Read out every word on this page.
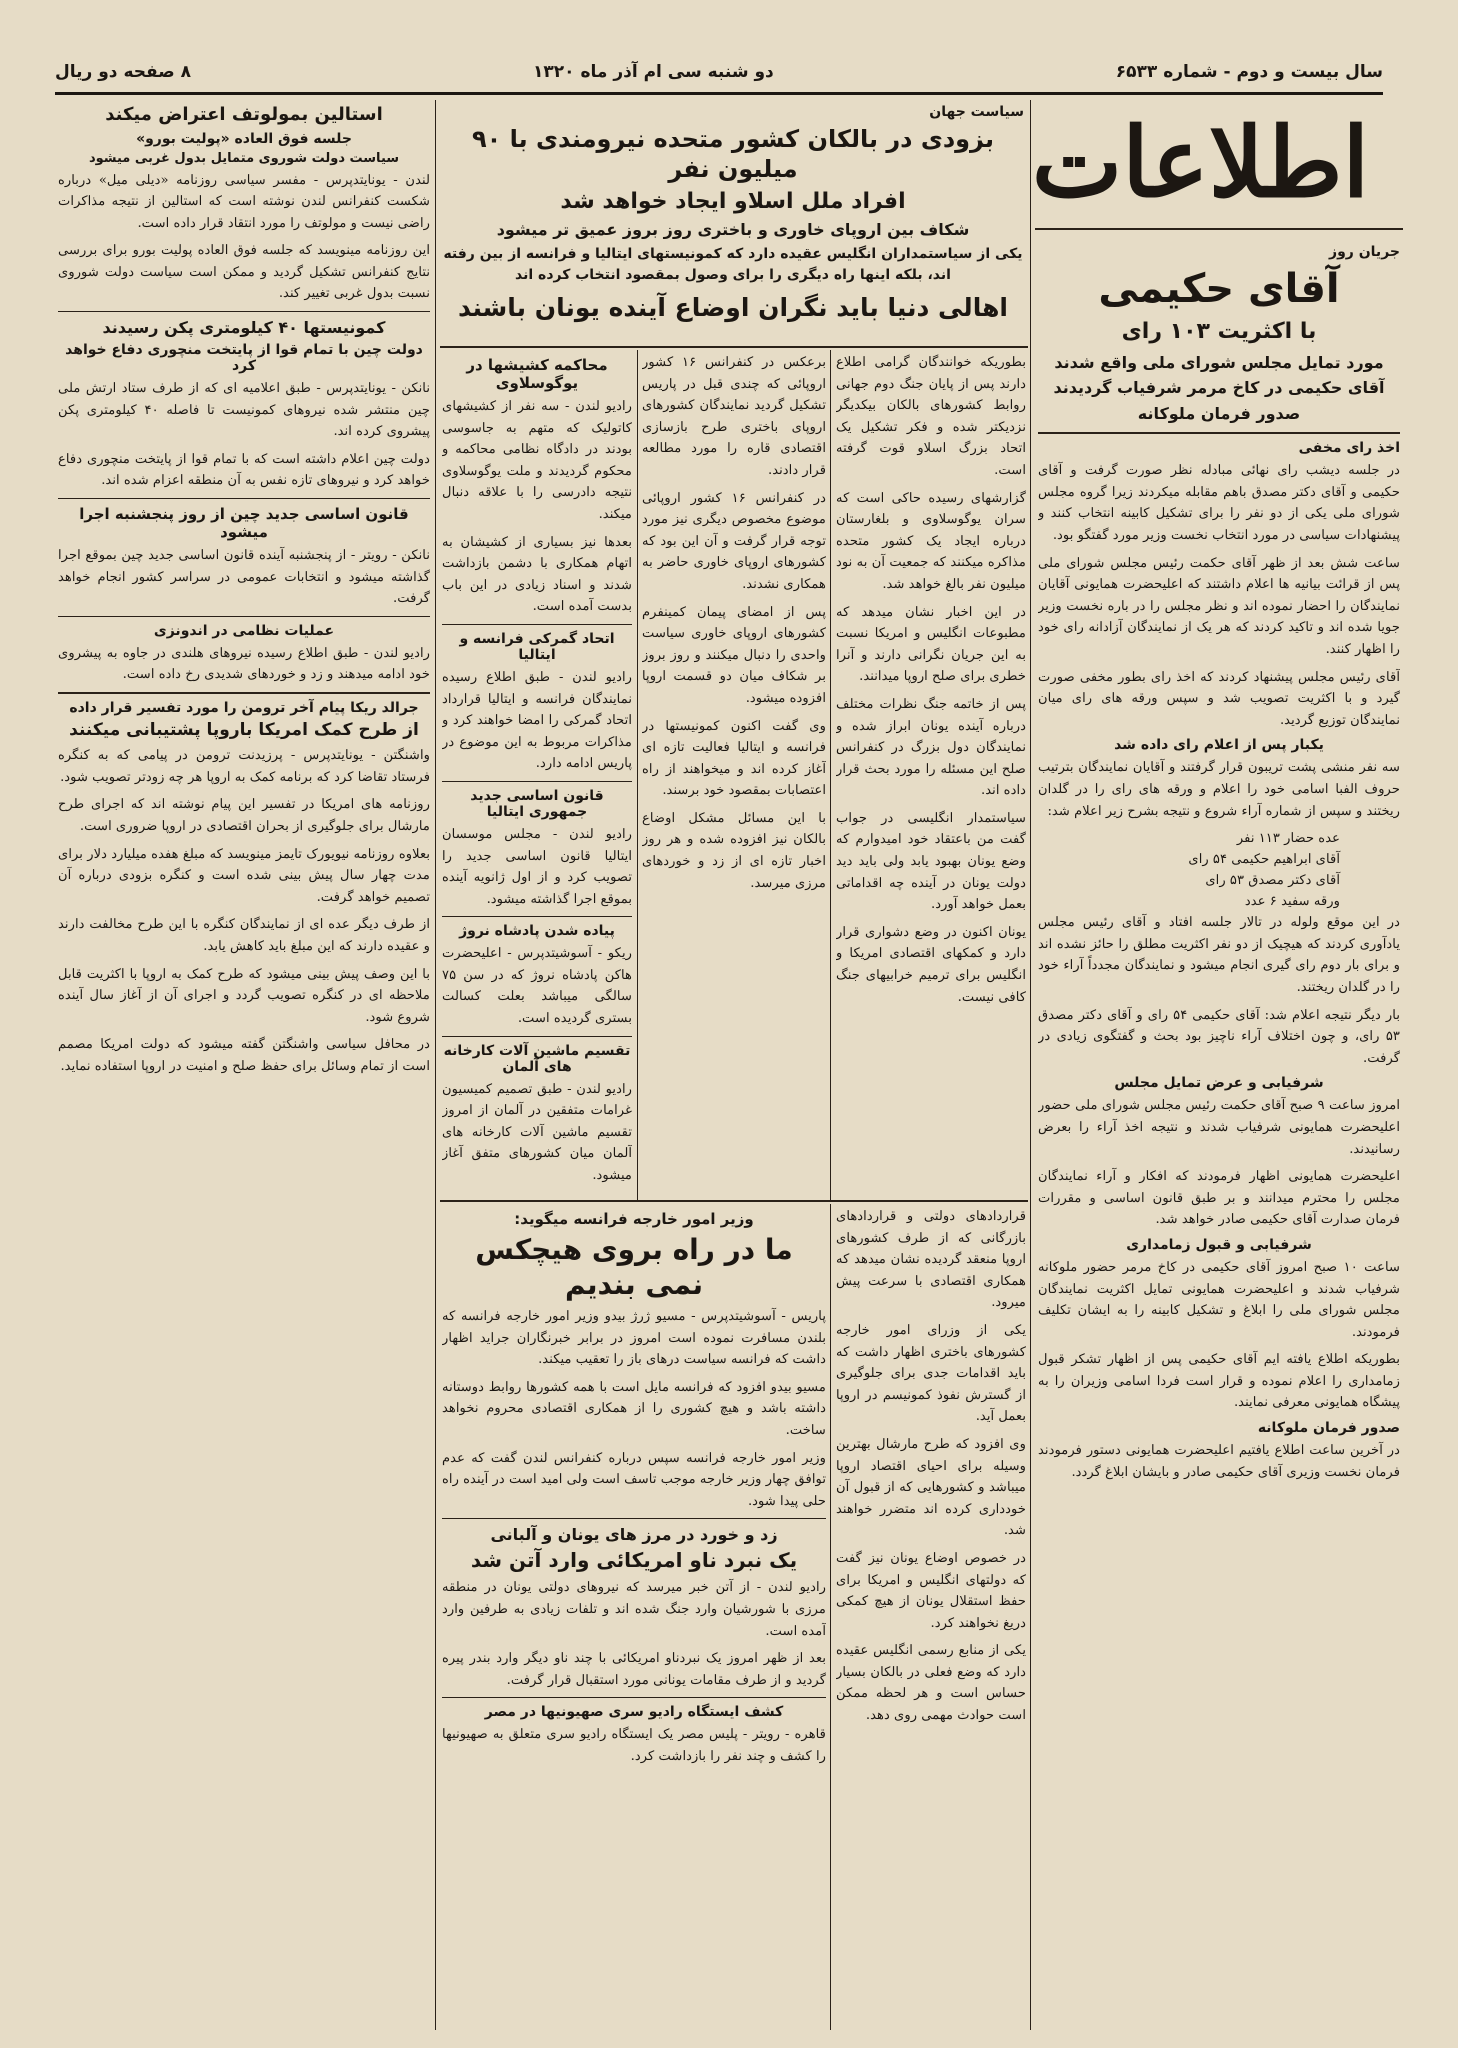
سال بیست و دوم - شماره ۶۵۳۳
دو شنبه سی ام آذر ماه ۱۳۲۰
۸ صفحه دو ریال
اطلاعات
جریان روز
آقای حکیمی
با اکثریت ۱۰۳ رای
مورد تمایل مجلس شورای ملی واقع شدند آقای حکیمی در کاخ مرمر شرفیاب گردیدند صدور فرمان ملوکانه
اخذ رای مخفی

در جلسه دیشب رای نهائی مبادله نظر صورت گرفت و آقای حکیمی و آقای دکتر مصدق باهم مقابله میکردند زیرا گروه مجلس شورای ملی یکی از دو نفر را برای تشکیل کابینه انتخاب کنند و پیشنهادات سیاسی در مورد انتخاب نخست وزیر مورد گفتگو بود.

ساعت شش بعد از ظهر آقای حکمت رئیس مجلس شورای ملی پس از قرائت بیانیه ها اعلام داشتند که اعلیحضرت همایونی آقایان نمایندگان را احضار نموده اند و نظر مجلس را در باره نخست وزیر جویا شده اند و تاکید کردند که هر یک از نمایندگان آزادانه رای خود را اظهار کنند.

آقای رئیس مجلس پیشنهاد کردند که اخذ رای بطور مخفی صورت گیرد و با اکثریت تصویب شد و سپس ورقه های رای میان نمایندگان توزیع گردید.

یکبار پس از اعلام رای داده شد

سه نفر منشی پشت تریبون قرار گرفتند و آقایان نمایندگان بترتیب حروف الفبا اسامی خود را اعلام و ورقه های رای را در گلدان ریختند و سپس از شماره آراء شروع و نتیجه بشرح زیر اعلام شد:

عده حضار ۱۱۳ نفر
آقای ابراهیم حکیمی ۵۴ رای
آقای دکتر مصدق ۵۳ رای
ورقه سفید ۶ عدد

در این موقع ولوله در تالار جلسه افتاد و آقای رئیس مجلس یادآوری کردند که هیچیک از دو نفر اکثریت مطلق را حائز نشده اند و برای بار دوم رای گیری انجام میشود و نمایندگان مجدداً آراء خود را در گلدان ریختند.

بار دیگر نتیجه اعلام شد: آقای حکیمی ۵۴ رای و آقای دکتر مصدق ۵۳ رای، و چون اختلاف آراء ناچیز بود بحث و گفتگوی زیادی در گرفت.

شرفیابی و عرض تمایل مجلس

امروز ساعت ۹ صبح آقای حکمت رئیس مجلس شورای ملی حضور اعلیحضرت همایونی شرفیاب شدند و نتیجه اخذ آراء را بعرض رسانیدند.

اعلیحضرت همایونی اظهار فرمودند که افکار و آراء نمایندگان مجلس را محترم میدانند و بر طبق قانون اساسی و مقررات فرمان صدارت آقای حکیمی صادر خواهد شد.

شرفیابی و قبول زمامداری

ساعت ۱۰ صبح امروز آقای حکیمی در کاخ مرمر حضور ملوکانه شرفیاب شدند و اعلیحضرت همایونی تمایل اکثریت نمایندگان مجلس شورای ملی را ابلاغ و تشکیل کابینه را به ایشان تکلیف فرمودند.

بطوریکه اطلاع یافته ایم آقای حکیمی پس از اظهار تشکر قبول زمامداری را اعلام نموده و قرار است فردا اسامی وزیران را به پیشگاه همایونی معرفی نمایند.

صدور فرمان ملوکانه

در آخرین ساعت اطلاع یافتیم اعلیحضرت همایونی دستور فرمودند فرمان نخست وزیری آقای حکیمی صادر و بایشان ابلاغ گردد.

سیاست جهان
بزودی در بالکان کشور متحده نیرومندی با ۹۰ میلیون نفر
افراد ملل اسلاو ایجاد خواهد شد
شکاف بین اروپای خاوری و باختری روز بروز عمیق تر میشود
یکی از سیاستمداران انگلیس عقیده دارد که کمونیستهای ایتالیا و فرانسه از بین رفته اند، بلکه اینها راه دیگری را برای وصول بمقصود انتخاب کرده اند
اهالی دنیا باید نگران اوضاع آینده یونان باشند

بطوریکه خوانندگان گرامی اطلاع دارند پس از پایان جنگ دوم جهانی روابط کشورهای بالکان بیکدیگر نزدیکتر شده و فکر تشکیل یک اتحاد بزرگ اسلاو قوت گرفته است.

گزارشهای رسیده حاکی است که سران یوگوسلاوی و بلغارستان درباره ایجاد یک کشور متحده مذاکره میکنند که جمعیت آن به نود میلیون نفر بالغ خواهد شد.

در این اخبار نشان میدهد که مطبوعات انگلیس و امریکا نسبت به این جریان نگرانی دارند و آنرا خطری برای صلح اروپا میدانند.

پس از خاتمه جنگ نظرات مختلف درباره آینده یونان ابراز شده و نمایندگان دول بزرگ در کنفرانس صلح این مسئله را مورد بحث قرار داده اند.

سیاستمدار انگلیسی در جواب گفت من باعتقاد خود امیدوارم که وضع یونان بهبود یابد ولی باید دید دولت یونان در آینده چه اقداماتی بعمل خواهد آورد.

یونان اکنون در وضع دشواری قرار دارد و کمکهای اقتصادی امریکا و انگلیس برای ترمیم خرابیهای جنگ کافی نیست.

برعکس در کنفرانس ۱۶ کشور اروپائی که چندی قبل در پاریس تشکیل گردید نمایندگان کشورهای اروپای باختری طرح بازسازی اقتصادی قاره را مورد مطالعه قرار دادند.

در کنفرانس ۱۶ کشور اروپائی موضوع مخصوص دیگری نیز مورد توجه قرار گرفت و آن این بود که کشورهای اروپای خاوری حاضر به همکاری نشدند.

پس از امضای پیمان کمینفرم کشورهای اروپای خاوری سیاست واحدی را دنبال میکنند و روز بروز بر شکاف میان دو قسمت اروپا افزوده میشود.

وی گفت اکنون کمونیستها در فرانسه و ایتالیا فعالیت تازه ای آغاز کرده اند و میخواهند از راه اعتصابات بمقصود خود برسند.

با این مسائل مشکل اوضاع بالکان نیز افزوده شده و هر روز اخبار تازه ای از زد و خوردهای مرزی میرسد.

محاکمه کشیشها در یوگوسلاوی

رادیو لندن - سه نفر از کشیشهای کاتولیک که متهم به جاسوسی بودند در دادگاه نظامی محاکمه و محکوم گردیدند و ملت یوگوسلاوی نتیجه دادرسی را با علاقه دنبال میکند.

بعدها نیز بسیاری از کشیشان به اتهام همکاری با دشمن بازداشت شدند و اسناد زیادی در این باب بدست آمده است.

اتحاد گمرکی فرانسه و ایتالیا

رادیو لندن - طبق اطلاع رسیده نمایندگان فرانسه و ایتالیا قرارداد اتحاد گمرکی را امضا خواهند کرد و مذاکرات مربوط به این موضوع در پاریس ادامه دارد.

قانون اساسی جدید جمهوری ایتالیا

رادیو لندن - مجلس موسسان ایتالیا قانون اساسی جدید را تصویب کرد و از اول ژانویه آینده بموقع اجرا گذاشته میشود.

پیاده شدن پادشاه نروژ

ریکو - آسوشیتدپرس - اعلیحضرت هاکن پادشاه نروژ که در سن ۷۵ سالگی میباشد بعلت کسالت بستری گردیده است.

تقسیم ماشین آلات کارخانه های آلمان

رادیو لندن - طبق تصمیم کمیسیون غرامات متفقین در آلمان از امروز تقسیم ماشین آلات کارخانه های آلمان میان کشورهای متفق آغاز میشود.

قراردادهای دولتی و قراردادهای بازرگانی که از طرف کشورهای اروپا منعقد گردیده نشان میدهد که همکاری اقتصادی با سرعت پیش میرود.

یکی از وزرای امور خارجه کشورهای باختری اظهار داشت که باید اقدامات جدی برای جلوگیری از گسترش نفوذ کمونیسم در اروپا بعمل آید.

وی افزود که طرح مارشال بهترین وسیله برای احیای اقتصاد اروپا میباشد و کشورهایی که از قبول آن خودداری کرده اند متضرر خواهند شد.

در خصوص اوضاع یونان نیز گفت که دولتهای انگلیس و امریکا برای حفظ استقلال یونان از هیچ کمکی دریغ نخواهند کرد.

یکی از منابع رسمی انگلیس عقیده دارد که وضع فعلی در بالکان بسیار حساس است و هر لحظه ممکن است حوادث مهمی روی دهد.

وزیر امور خارجه فرانسه میگوید:
ما در راه بروی هیچکس نمی بندیم

پاریس - آسوشیتدپرس - مسیو ژرژ بیدو وزیر امور خارجه فرانسه که بلندن مسافرت نموده است امروز در برابر خبرنگاران جراید اظهار داشت که فرانسه سیاست درهای باز را تعقیب میکند.

مسیو بیدو افزود که فرانسه مایل است با همه کشورها روابط دوستانه داشته باشد و هیچ کشوری را از همکاری اقتصادی محروم نخواهد ساخت.

وزیر امور خارجه فرانسه سپس درباره کنفرانس لندن گفت که عدم توافق چهار وزیر خارجه موجب تاسف است ولی امید است در آینده راه حلی پیدا شود.

زد و خورد در مرز های یونان و آلبانی
یک نبرد ناو امریکائی وارد آتن شد

رادیو لندن - از آتن خبر میرسد که نیروهای دولتی یونان در منطقه مرزی با شورشیان وارد جنگ شده اند و تلفات زیادی به طرفین وارد آمده است.

بعد از ظهر امروز یک نبردناو امریکائی با چند ناو دیگر وارد بندر پیره گردید و از طرف مقامات یونانی مورد استقبال قرار گرفت.

کشف ایستگاه رادیو سری صهیونیها در مصر

قاهره - رویتر - پلیس مصر یک ایستگاه رادیو سری متعلق به صهیونیها را کشف و چند نفر را بازداشت کرد.

استالین بمولوتف اعتراض میکند
جلسه فوق العاده «پولیت بورو»
سیاست دولت شوروی متمایل بدول غربی میشود

لندن - یونایتدپرس - مفسر سیاسی روزنامه «دیلی میل» درباره شکست کنفرانس لندن نوشته است که استالین از نتیجه مذاکرات راضی نیست و مولوتف را مورد انتقاد قرار داده است.

این روزنامه مینویسد که جلسه فوق العاده پولیت بورو برای بررسی نتایج کنفرانس تشکیل گردید و ممکن است سیاست دولت شوروی نسبت بدول غربی تغییر کند.

کمونیستها ۴۰ کیلومتری پکن رسیدند
دولت چین با تمام قوا از پایتخت منچوری دفاع خواهد کرد

نانکن - یونایتدپرس - طبق اعلامیه ای که از طرف ستاد ارتش ملی چین منتشر شده نیروهای کمونیست تا فاصله ۴۰ کیلومتری پکن پیشروی کرده اند.

دولت چین اعلام داشته است که با تمام قوا از پایتخت منچوری دفاع خواهد کرد و نیروهای تازه نفس به آن منطقه اعزام شده اند.

قانون اساسی جدید چین از روز پنجشنبه اجرا میشود

نانکن - رویتر - از پنجشنبه آینده قانون اساسی جدید چین بموقع اجرا گذاشته میشود و انتخابات عمومی در سراسر کشور انجام خواهد گرفت.

عملیات نظامی در اندونزی

رادیو لندن - طبق اطلاع رسیده نیروهای هلندی در جاوه به پیشروی خود ادامه میدهند و زد و خوردهای شدیدی رخ داده است.

جرالد ریکا پیام آخر ترومن را مورد تفسیر قرار داده
از طرح کمک امریکا باروپا پشتیبانی میکنند

واشنگتن - یونایتدپرس - پرزیدنت ترومن در پیامی که به کنگره فرستاد تقاضا کرد که برنامه کمک به اروپا هر چه زودتر تصویب شود.

روزنامه های امریکا در تفسیر این پیام نوشته اند که اجرای طرح مارشال برای جلوگیری از بحران اقتصادی در اروپا ضروری است.

بعلاوه روزنامه نیویورک تایمز مینویسد که مبلغ هفده میلیارد دلار برای مدت چهار سال پیش بینی شده است و کنگره بزودی درباره آن تصمیم خواهد گرفت.

از طرف دیگر عده ای از نمایندگان کنگره با این طرح مخالفت دارند و عقیده دارند که این مبلغ باید کاهش یابد.

با این وصف پیش بینی میشود که طرح کمک به اروپا با اکثریت قابل ملاحظه ای در کنگره تصویب گردد و اجرای آن از آغاز سال آینده شروع شود.

در محافل سیاسی واشنگتن گفته میشود که دولت امریکا مصمم است از تمام وسائل برای حفظ صلح و امنیت در اروپا استفاده نماید.
